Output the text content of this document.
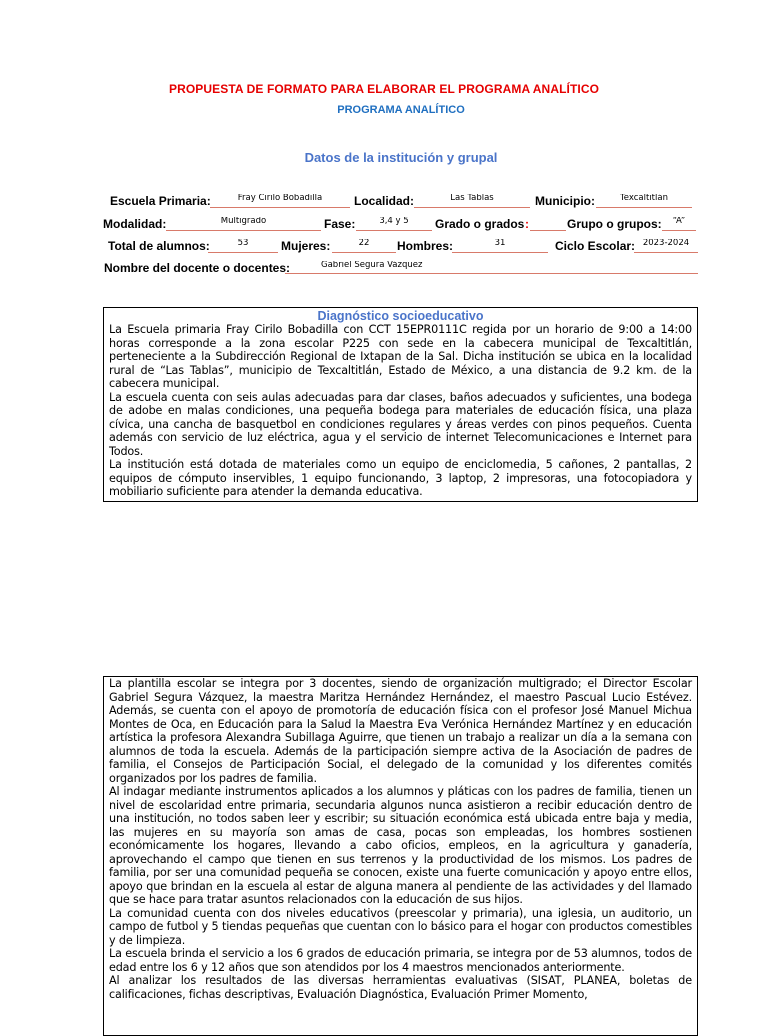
PROPUESTA DE FORMATO PARA ELABORAR EL PROGRAMA ANALÍTICO
PROGRAMA ANALÍTICO
Datos de la institución y grupal
Escuela Primaria:	Fray Cirilo Bobadilla	Localidad:	Las Tablas	Municipio:	Texcaltitlán
Modalidad:	Multigrado	Fase:	3,4 y 5	Grado o grados :	Grupo o grupos:	“A”
Total de alumnos:	53	Mujeres:	22	Hombres:	31	Ciclo Escolar: 2023-2024
Nombre del docente o docentes:	Gabriel Segura Vázquez
Diagnóstico socioeducativo

La Escuela primaria Fray Cirilo Bobadilla con CCT 15EPR0111C regida por un horario de 9:00 a 14:00 horas corresponde a la zona escolar P225 con sede en la cabecera municipal de Texcaltitlán, perteneciente a la Subdirección Regional de Ixtapan de la Sal. Dicha institución se ubica en la localidad rural de “Las Tablas”, municipio de Texcaltitlán, Estado de México, a una distancia de 9.2 km. de la cabecera municipal.

La escuela cuenta con seis aulas adecuadas para dar clases, baños adecuados y suficientes, una bodega de adobe en malas condiciones, una pequeña bodega para materiales de educación física, una plaza cívica, una cancha de basquetbol en condiciones regulares y áreas verdes con pinos pequeños. Cuenta además con servicio de luz eléctrica, agua y el servicio de internet Telecomunicaciones e Internet para Todos.

La institución está dotada de materiales como un equipo de enciclomedia, 5 cañones, 2 pantallas, 2 equipos de cómputo inservibles, 1 equipo funcionando, 3 laptop, 2 impresoras, una fotocopiadora y mobiliario suficiente para atender la demanda educativa.

La plantilla escolar se integra por 3 docentes, siendo de organización multigrado; el Director Escolar Gabriel Segura Vázquez, la maestra Maritza Hernández Hernández, el maestro Pascual Lucio Estévez. Además, se cuenta con el apoyo de promotoría de educación física con el profesor José Manuel Michua Montes de Oca, en Educación para la Salud la Maestra Eva Verónica Hernández Martínez y en educación artística la profesora Alexandra Subillaga Aguirre, que tienen un trabajo a realizar un día a la semana con alumnos de toda la escuela. Además de la participación siempre activa de la Asociación de padres de familia, el Consejos de Participación Social, el delegado de la comunidad y los diferentes comités organizados por los padres de familia.

Al indagar mediante instrumentos aplicados a los alumnos y pláticas con los padres de familia, tienen un nivel de escolaridad entre primaria, secundaria algunos nunca asistieron a recibir educación dentro de una institución, no todos saben leer y escribir; su situación económica está ubicada entre baja y media, las mujeres en su mayoría son amas de casa, pocas son empleadas, los hombres sostienen económicamente los hogares, llevando a cabo oficios, empleos, en la agricultura y ganadería, aprovechando el campo que tienen en sus terrenos y la productividad de los mismos. Los padres de familia, por ser una comunidad pequeña se conocen, existe una fuerte comunicación y apoyo entre ellos, apoyo que brindan en la escuela al estar de alguna manera al pendiente de las actividades y del llamado que se hace para tratar asuntos relacionados con la educación de sus hijos.

La comunidad cuenta con dos niveles educativos (preescolar y primaria), una iglesia, un auditorio, un campo de futbol y 5 tiendas pequeñas que cuentan con lo básico para el hogar con productos comestibles y de limpieza.

La escuela brinda el servicio a los 6 grados de educación primaria, se integra por de 53 alumnos, todos de edad entre los 6 y 12 años que son atendidos por los 4 maestros mencionados anteriormente.

Al analizar los resultados de las diversas herramientas evaluativas (SISAT, PLANEA, boletas de calificaciones, fichas descriptivas, Evaluación Diagnóstica, Evaluación Primer Momento,
